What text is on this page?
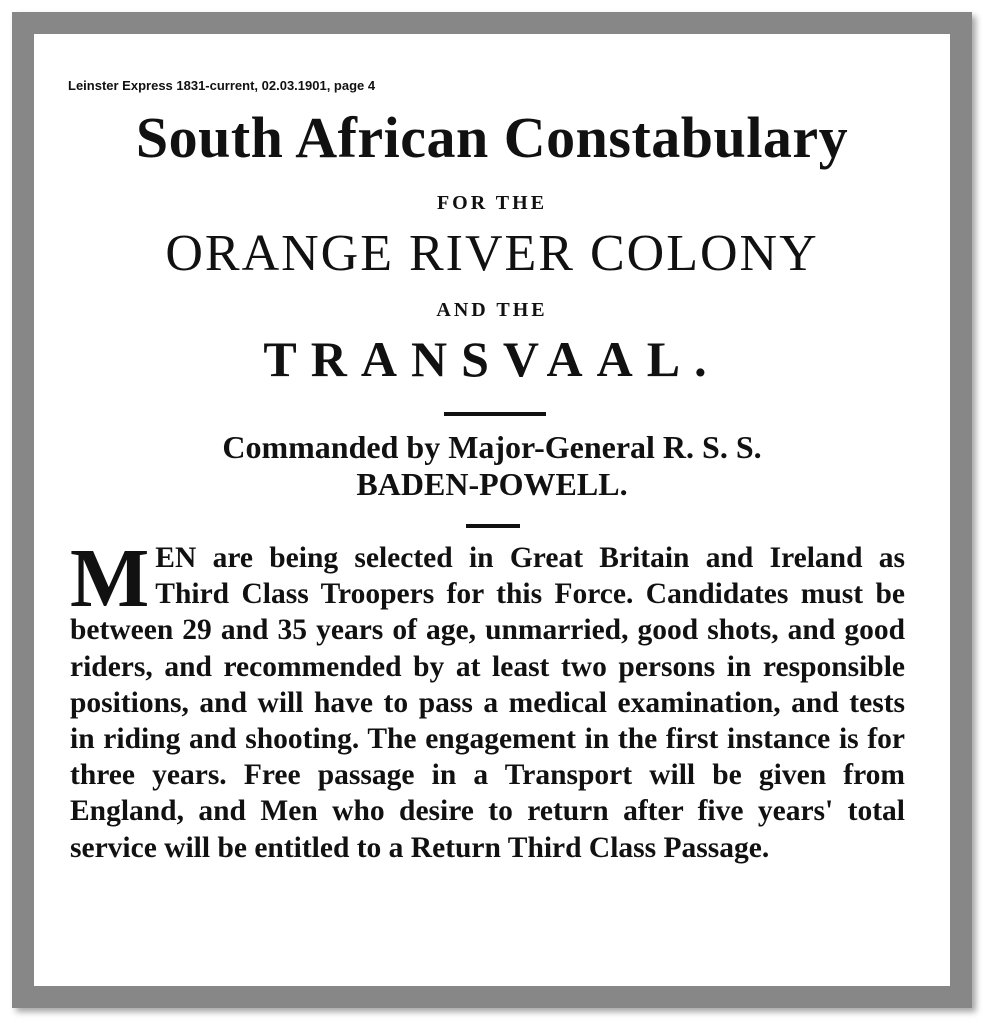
Leinster Express 1831-current, 02.03.1901, page 4
South African Constabulary
FOR THE
ORANGE RIVER COLONY
AND THE
TRANSVAAL.
Commanded by Major-General R. S. S.
BADEN-POWELL.
MEN are being selected in Great Britain and Ireland as Third Class Troopers for this Force. Candidates must be between 29 and 35 years of age, unmarried, good shots, and good riders, and recommended by at least two persons in responsible positions, and will have to pass a medical examination, and tests in riding and shooting. The engagement in the first instance is for three years. Free passage in a Transport will be given from England, and Men who desire to return after five years' total service will be entitled to a Return Third Class Passage.
